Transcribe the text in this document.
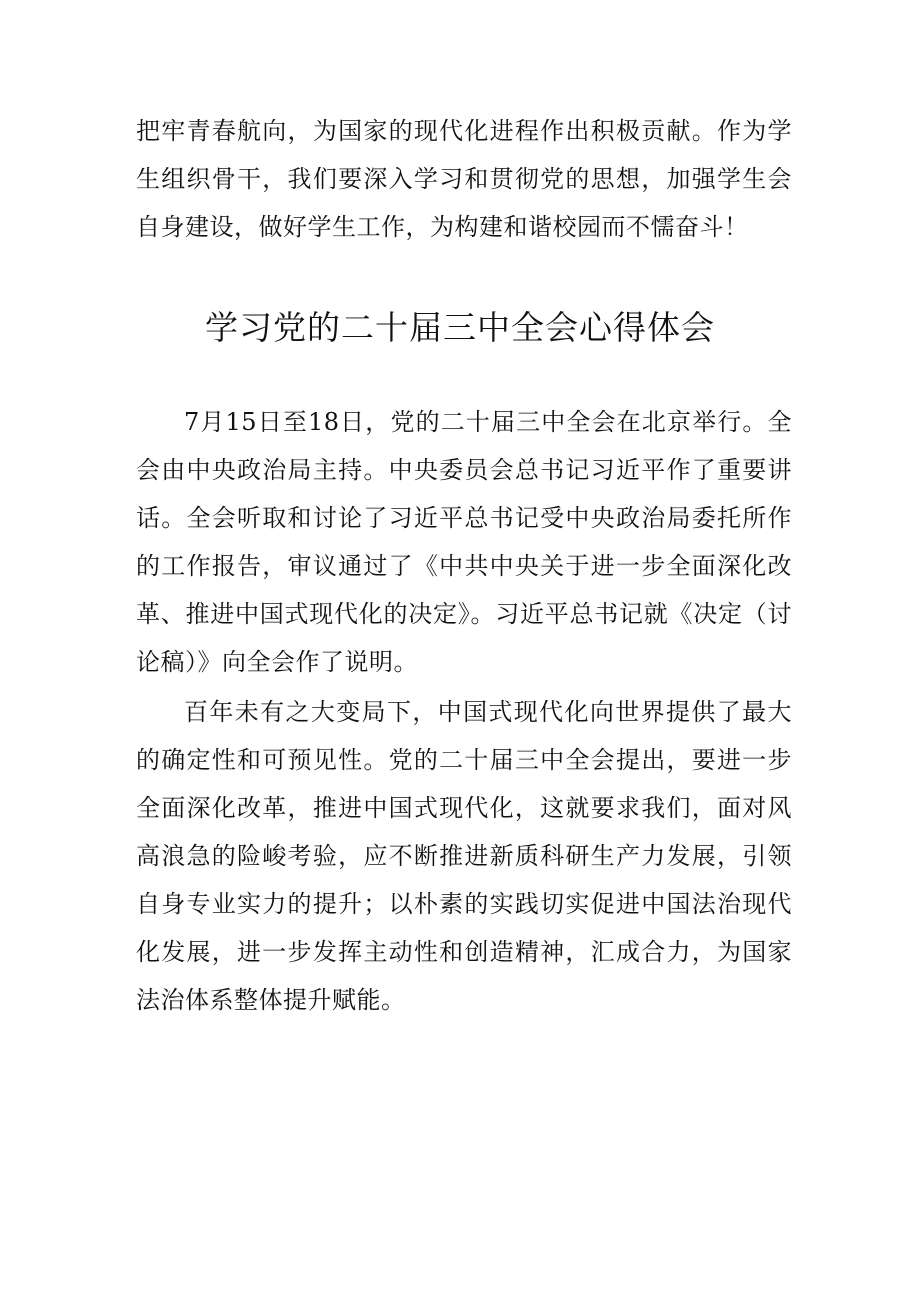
把牢青春航向，为国家的现代化进程作出积极贡献。作为学生组织骨干，我们要深入学习和贯彻党的思想，加强学生会自身建设，做好学生工作，为构建和谐校园而不懦奋斗！

学习党的二十届三中全会心得体会

7月15日至18日，党的二十届三中全会在北京举行。全会由中央政治局主持。中央委员会总书记习近平作了重要讲话。全会听取和讨论了习近平总书记受中央政治局委托所作的工作报告，审议通过了《中共中央关于进一步全面深化改革、推进中国式现代化的决定》。习近平总书记就《决定（讨论稿）》向全会作了说明。

百年未有之大变局下，中国式现代化向世界提供了最大的确定性和可预见性。党的二十届三中全会提出，要进一步全面深化改革，推进中国式现代化，这就要求我们，面对风高浪急的险峻考验，应不断推进新质科研生产力发展，引领自身专业实力的提升；以朴素的实践切实促进中国法治现代化发展，进一步发挥主动性和创造精神，汇成合力，为国家法治体系整体提升赋能。
